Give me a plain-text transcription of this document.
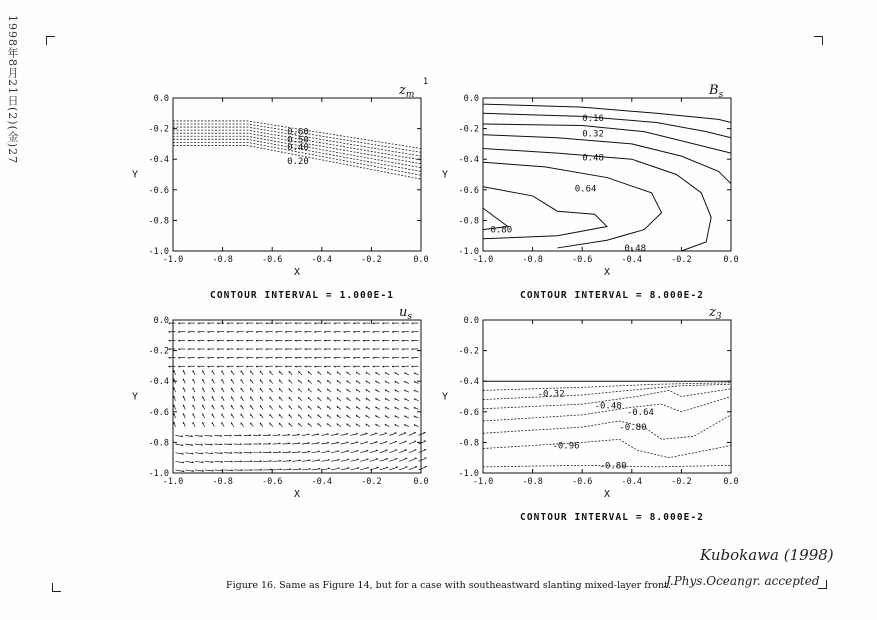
1998年8月21日(2)(金)27
-1.0	-0.8	-0.6	-0.4	-0.2	0.0
0.0
-0.2
-0.4
-0.6
-0.8
-1.0
X
Y
$z_m$
1
0.60
0.50
0.40
0.20
CONTOUR INTERVAL = 1.000E-1
-1.0	-0.8	-0.6	-0.4	-0.2	0.0
0.0
-0.2
-0.4
-0.6
-0.8
-1.0
X
Y
$B_s$
0.16
0.32
0.48
0.64
0.80
0.48
CONTOUR INTERVAL = 8.000E-2
-1.0	-0.8	-0.6	-0.4	-0.2	0.0
0.0
-0.2
-0.4
-0.6
-0.8
-1.0
X
Y
$u_s$
-1.0	-0.8	-0.6	-0.4	-0.2	0.0
0.0
-0.2
-0.4
-0.6
-0.8
-1.0
X
Y
$z_3$
-0.32
-0.48
-0.64
-0.80
-0.96
-0.80
CONTOUR INTERVAL = 8.000E-2
Kubokawa (1998)
J.Phys.Oceangr. accepted
Figure 16. Same as Figure 14, but for a case with southeastward slanting mixed-layer front.
